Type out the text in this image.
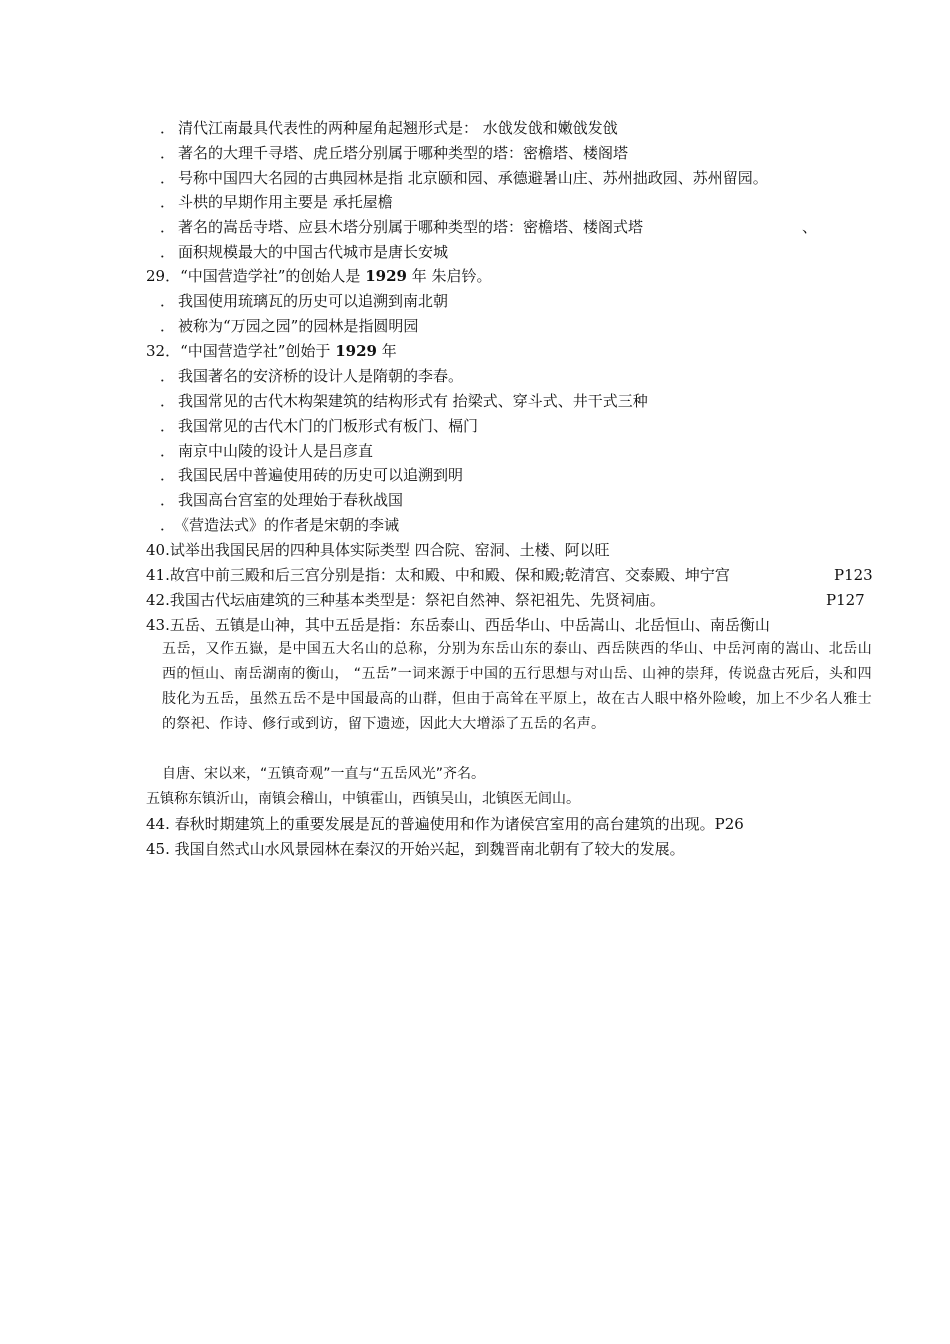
． 清代江南最具代表性的两种屋角起翘形式是： 水戗发戗和嫩戗发戗
． 著名的大理千寻塔、虎丘塔分别属于哪种类型的塔：密檐塔、楼阁塔
． 号称中国四大名园的古典园林是指 北京颐和园、承德避暑山庄、苏州拙政园、苏州留园。
． 斗栱的早期作用主要是 承托屋檐
． 著名的嵩岳寺塔、应县木塔分别属于哪种类型的塔：密檐塔、楼阁式塔	、
． 面积规模最大的中国古代城市是唐长安城
29．“中国营造学社”的创始人是 1929 年 朱启钤。
． 我国使用琉璃瓦的历史可以追溯到南北朝
． 被称为“万园之园”的园林是指圆明园
32．“中国营造学社”创始于 1929 年
． 我国著名的安济桥的设计人是隋朝的李春。
． 我国常见的古代木构架建筑的结构形式有 抬梁式、穿斗式、井干式三种
． 我国常见的古代木门的门板形式有板门、槅门
． 南京中山陵的设计人是吕彦直
． 我国民居中普遍使用砖的历史可以追溯到明
． 我国高台宫室的处理始于春秋战国
．《营造法式》的作者是宋朝的李诫
40.试举出我国民居的四种具体实际类型 四合院、窑洞、土楼、阿以旺
41.故宫中前三殿和后三宫分别是指：太和殿、中和殿、保和殿;乾清宫、交泰殿、坤宁宫	P123
42.我国古代坛庙建筑的三种基本类型是：祭祀自然神、祭祀祖先、先贤祠庙。	P127
43.五岳、五镇是山神，其中五岳是指：东岳泰山、西岳华山、中岳嵩山、北岳恒山、南岳衡山
五岳，又作五嶽，是中国五大名山的总称，分别为东岳山东的泰山、西岳陕西的华山、中岳河南的嵩山、北岳山西的恒山、南岳湖南的衡山， “五岳”一词来源于中国的五行思想与对山岳、山神的崇拜，传说盘古死后，头和四肢化为五岳，虽然五岳不是中国最高的山群，但由于高耸在平原上，故在古人眼中格外险峻，加上不少名人雅士的祭祀、作诗、修行或到访，留下遗迹，因此大大增添了五岳的名声。
自唐、宋以来，“五镇奇观”一直与“五岳风光”齐名。
五镇称东镇沂山，南镇会稽山，中镇霍山，西镇吴山，北镇医无闾山。
44. 春秋时期建筑上的重要发展是瓦的普遍使用和作为诸侯宫室用的高台建筑的出现。P26
45. 我国自然式山水风景园林在秦汉的开始兴起，到魏晋南北朝有了较大的发展。
